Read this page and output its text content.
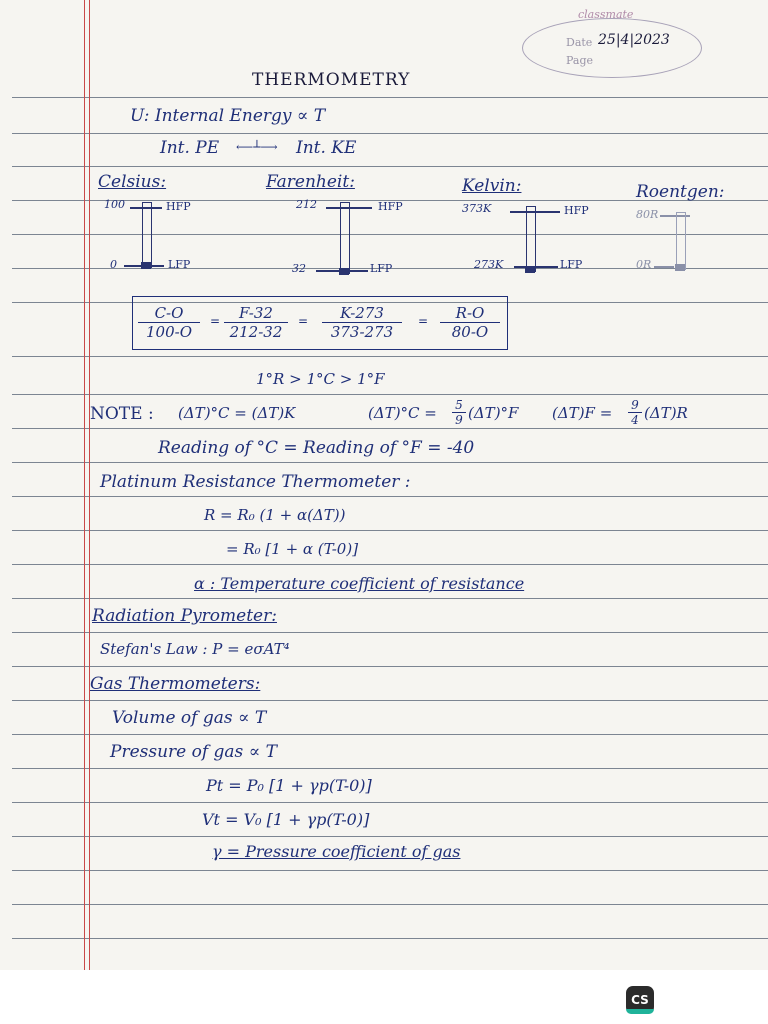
classmate
Date 25|4|2023
Page
THERMOMETRY
U: Internal Energy ∝ T
Int. PE ⟵┴⟶ Int. KE
Celsius:	Farenheit:	Kelvin:	Roentgen:
100	HFP
0	LFP
212	HFP
32	LFP
373K	HFP
273K	LFP
80R
0R
$\frac{C-O}{100-O} = \frac{F-32}{212-32} = \frac{K-273}{373-273} = \frac{R-O}{80-O}$
1°R > 1°C > 1°F
NOTE : (ΔT)°C = (ΔT)K	$(\Delta T)^\circ C = \frac{5}{9} (\Delta T)^\circ F$ $(\Delta T)F = \frac{9}{4} (\Delta T)R$
Reading of °C = Reading of °F = -40
Platinum Resistance Thermometer :
R = R₀ (1 + α(ΔT))
= R₀ [1 + α (T-0)]
α : Temperature coefficient of resistance
Radiation Pyrometer:
Stefan's Law : P = eσAT⁴
Gas Thermometers:
Volume of gas ∝ T
Pressure of gas ∝ T
Pt = P₀ [1 + γp(T-0)]
Vt = V₀ [1 + γp(T-0)]
γ = Pressure coefficient of gas
CS
